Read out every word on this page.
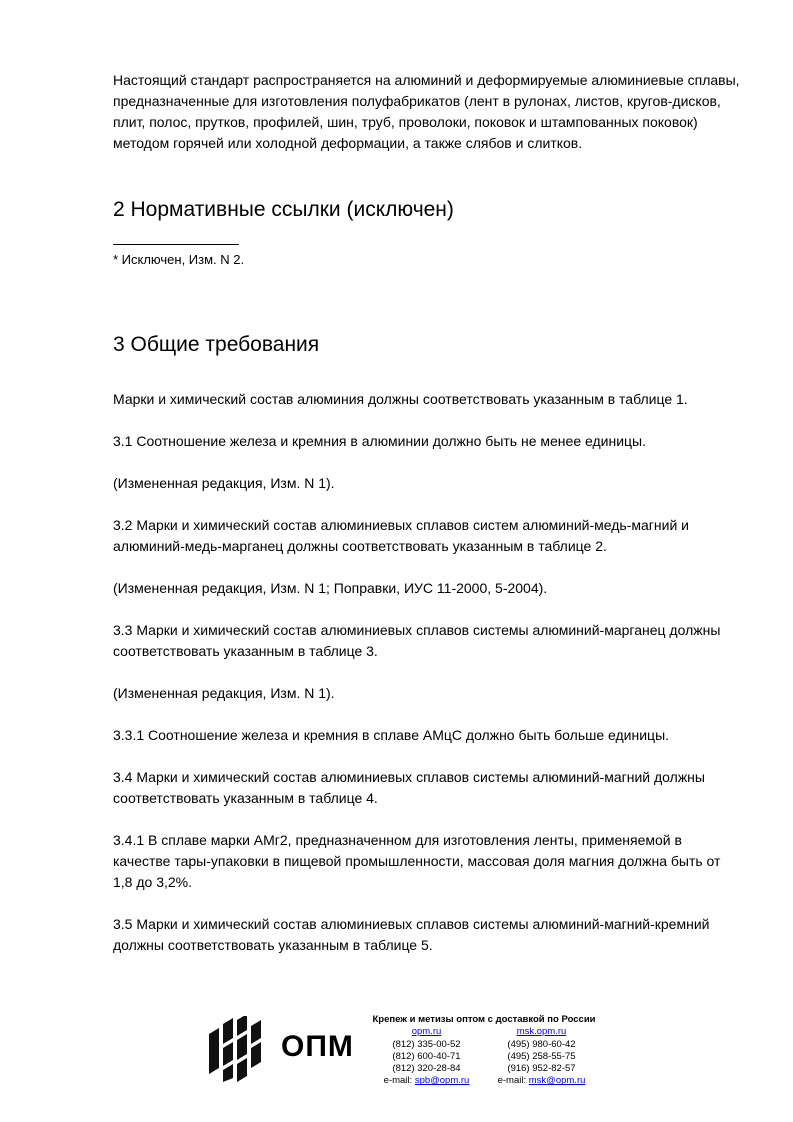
Настоящий стандарт распространяется на алюминий и деформируемые алюминиевые сплавы, предназначенные для изготовления полуфабрикатов (лент в рулонах, листов, кругов-дисков, плит, полос, прутков, профилей, шин, труб, проволоки, поковок и штампованных поковок) методом горячей или холодной деформации, а также слябов и слитков.

2 Нормативные ссылки (исключен)

* Исключен, Изм. N 2.

3 Общие требования

Марки и химический состав алюминия должны соответствовать указанным в таблице 1.

3.1 Соотношение железа и кремния в алюминии должно быть не менее единицы.

(Измененная редакция, Изм. N 1).

3.2 Марки и химический состав алюминиевых сплавов систем алюминий-медь-магний и алюминий-медь-марганец должны соответствовать указанным в таблице 2.

(Измененная редакция, Изм. N 1; Поправки, ИУС 11-2000, 5-2004).

3.3 Марки и химический состав алюминиевых сплавов системы алюминий-марганец должны соответствовать указанным в таблице 3.

(Измененная редакция, Изм. N 1).

3.3.1 Соотношение железа и кремния в сплаве АМцС должно быть больше единицы.

3.4 Марки и химический состав алюминиевых сплавов системы алюминий-магний должны соответствовать указанным в таблице 4.

3.4.1 В сплаве марки АМг2, предназначенном для изготовления ленты, применяемой в качестве тары-упаковки в пищевой промышленности, массовая доля магния должна быть от 1,8 до 3,2%.

3.5 Марки и химический состав алюминиевых сплавов системы алюминий-магний-кремний должны соответствовать указанным в таблице 5.

ОПМ
Крепеж и метизы оптом с доставкой по России
opm.ru
(812) 335-00-52
(812) 600-40-71
(812) 320-28-84
e-mail: spb@opm.ru
msk.opm.ru
(495) 980-60-42
(495) 258-55-75
(916) 952-82-57
e-mail: msk@opm.ru
